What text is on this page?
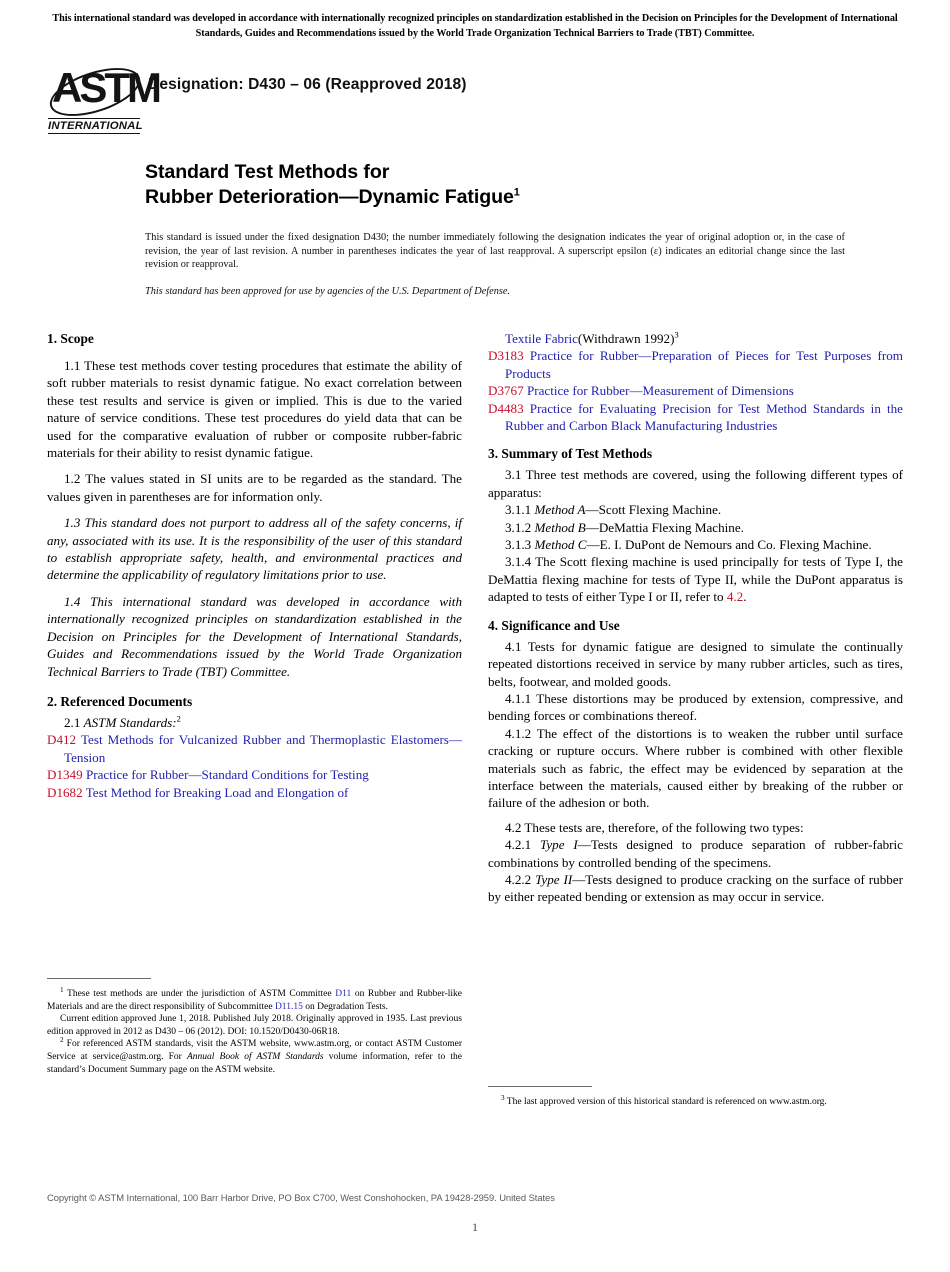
This international standard was developed in accordance with internationally recognized principles on standardization established in the Decision on Principles for the Development of International Standards, Guides and Recommendations issued by the World Trade Organization Technical Barriers to Trade (TBT) Committee.
ASTM
INTERNATIONAL
Designation: D430 – 06 (Reapproved 2018)
Standard Test Methods for
Rubber Deterioration—Dynamic Fatigue$^1$
This standard is issued under the fixed designation D430; the number immediately following the designation indicates the year of original adoption or, in the case of revision, the year of last revision. A number in parentheses indicates the year of last reapproval. A superscript epsilon (ε) indicates an editorial change since the last revision or reapproval.
This standard has been approved for use by agencies of the U.S. Department of Defense.
1. Scope

1.1 These test methods cover testing procedures that estimate the ability of soft rubber materials to resist dynamic fatigue. No exact correlation between these test results and service is given or implied. This is due to the varied nature of service conditions. These test procedures do yield data that can be used for the comparative evaluation of rubber or composite rubber-fabric materials for their ability to resist dynamic fatigue.

1.2 The values stated in SI units are to be regarded as the standard. The values given in parentheses are for information only.

1.3 This standard does not purport to address all of the safety concerns, if any, associated with its use. It is the responsibility of the user of this standard to establish appropriate safety, health, and environmental practices and determine the applicability of regulatory limitations prior to use.

1.4 This international standard was developed in accordance with internationally recognized principles on standardization established in the Decision on Principles for the Development of International Standards, Guides and Recommendations issued by the World Trade Organization Technical Barriers to Trade (TBT) Committee.

2. Referenced Documents

2.1 ASTM Standards:$^2$

D412 Test Methods for Vulcanized Rubber and Thermoplastic Elastomers—Tension

D1349 Practice for Rubber—Standard Conditions for Testing

D1682 Test Method for Breaking Load and Elongation of

Textile Fabric(Withdrawn 1992)$^3$

D3183 Practice for Rubber—Preparation of Pieces for Test Purposes from Products

D3767 Practice for Rubber—Measurement of Dimensions

D4483 Practice for Evaluating Precision for Test Method Standards in the Rubber and Carbon Black Manufacturing Industries

3. Summary of Test Methods

3.1 Three test methods are covered, using the following different types of apparatus:

3.1.1 Method A—Scott Flexing Machine.

3.1.2 Method B—DeMattia Flexing Machine.

3.1.3 Method C—E. I. DuPont de Nemours and Co. Flexing Machine.

3.1.4 The Scott flexing machine is used principally for tests of Type I, the DeMattia flexing machine for tests of Type II, while the DuPont apparatus is adapted to tests of either Type I or II, refer to 4.2.

4. Significance and Use

4.1 Tests for dynamic fatigue are designed to simulate the continually repeated distortions received in service by many rubber articles, such as tires, belts, footwear, and molded goods.

4.1.1 These distortions may be produced by extension, compressive, and bending forces or combinations thereof.

4.1.2 The effect of the distortions is to weaken the rubber until surface cracking or rupture occurs. Where rubber is combined with other flexible materials such as fabric, the effect may be evidenced by separation at the interface between the materials, caused either by breaking of the rubber or failure of the adhesion or both.

4.2 These tests are, therefore, of the following two types:

4.2.1 Type I—Tests designed to produce separation of rubber-fabric combinations by controlled bending of the specimens.

4.2.2 Type II—Tests designed to produce cracking on the surface of rubber by either repeated bending or extension as may occur in service.

$^1$ These test methods are under the jurisdiction of ASTM Committee D11 on Rubber and Rubber-like Materials and are the direct responsibility of Subcommittee D11.15 on Degradation Tests.

Current edition approved June 1, 2018. Published July 2018. Originally approved in 1935. Last previous edition approved in 2012 as D430 – 06 (2012). DOI: 10.1520/D0430-06R18.

$^2$ For referenced ASTM standards, visit the ASTM website, www.astm.org, or contact ASTM Customer Service at service@astm.org. For Annual Book of ASTM Standards volume information, refer to the standard’s Document Summary page on the ASTM website.

$^3$ The last approved version of this historical standard is referenced on www.astm.org.

Copyright © ASTM International, 100 Barr Harbor Drive, PO Box C700, West Conshohocken, PA 19428-2959. United States
1
